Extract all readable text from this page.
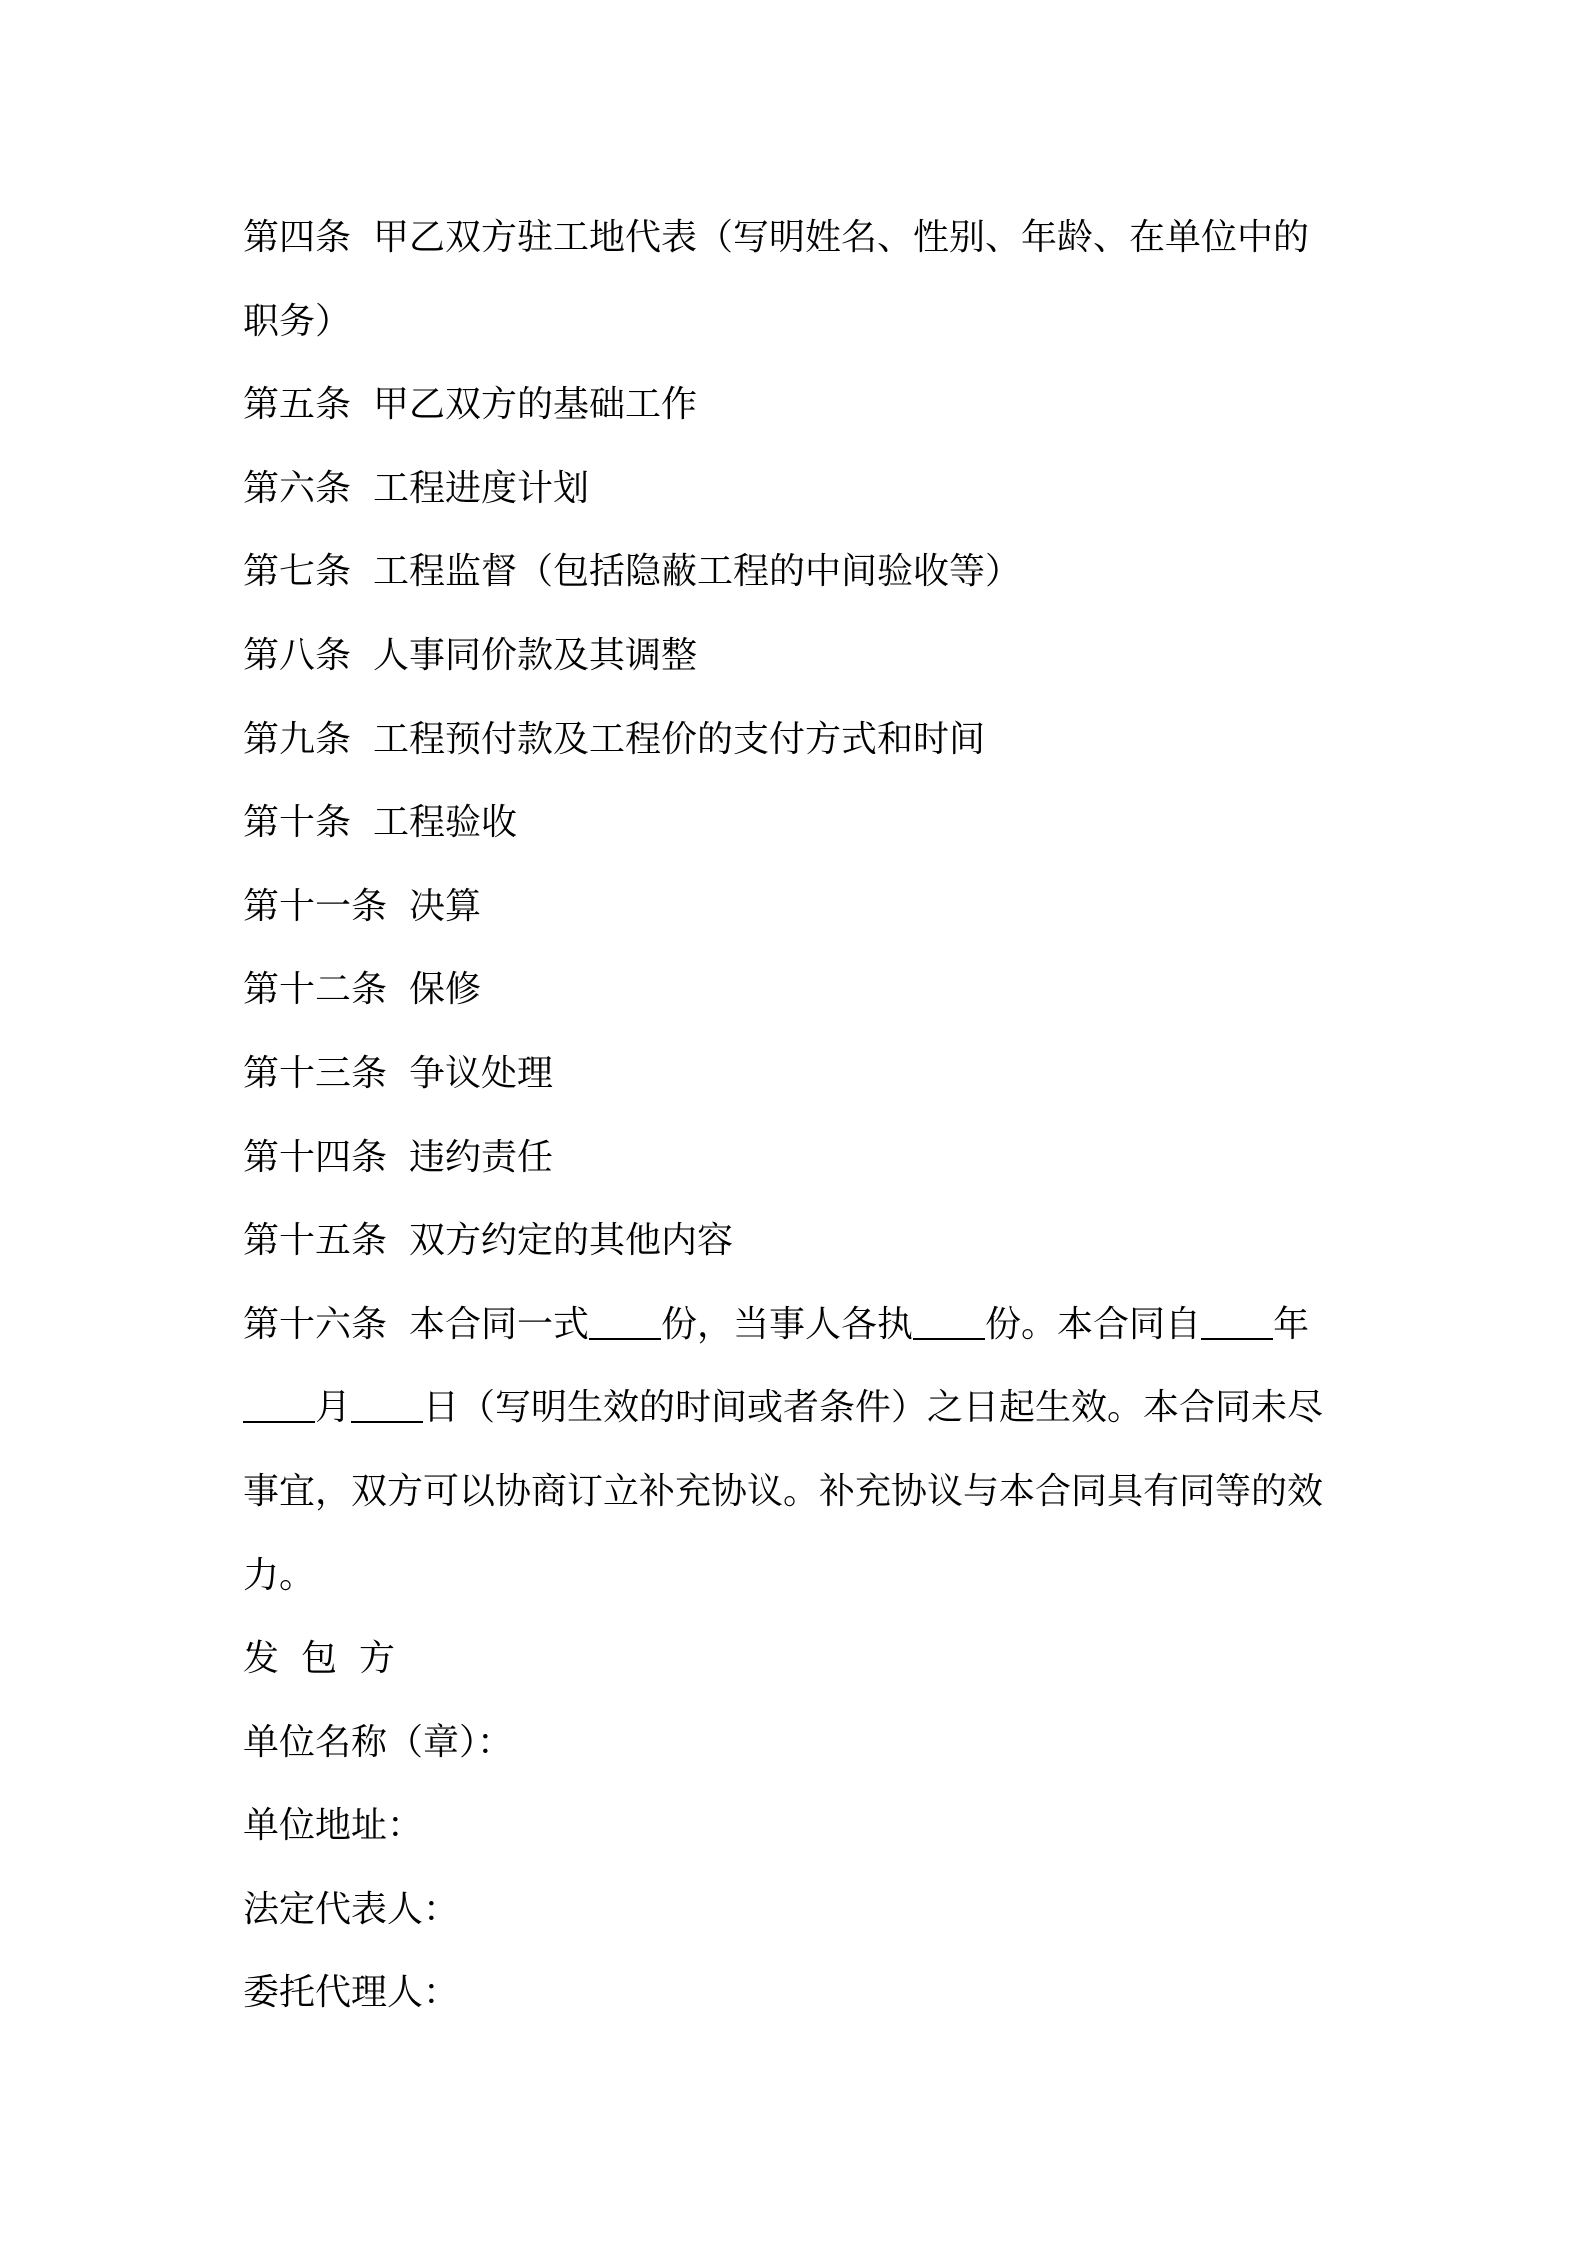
第四条 甲乙双方驻工地代表（写明姓名、性别、年龄、在单位中的
职务）
第五条 甲乙双方的基础工作
第六条 工程进度计划
第七条 工程监督（包括隐蔽工程的中间验收等）
第八条 人事同价款及其调整
第九条 工程预付款及工程价的支付方式和时间
第十条 工程验收
第十一条 决算
第十二条 保修
第十三条 争议处理
第十四条 违约责任
第十五条 双方约定的其他内容
第十六条 本合同一式 份，当事人各执 份。本合同自 年
月 日（写明生效的时间或者条件）之日起生效。本合同未尽
事宜，双方可以协商订立补充协议。补充协议与本合同具有同等的效
力。
发包方
单位名称（章）：
单位地址：
法定代表人：
委托代理人：
